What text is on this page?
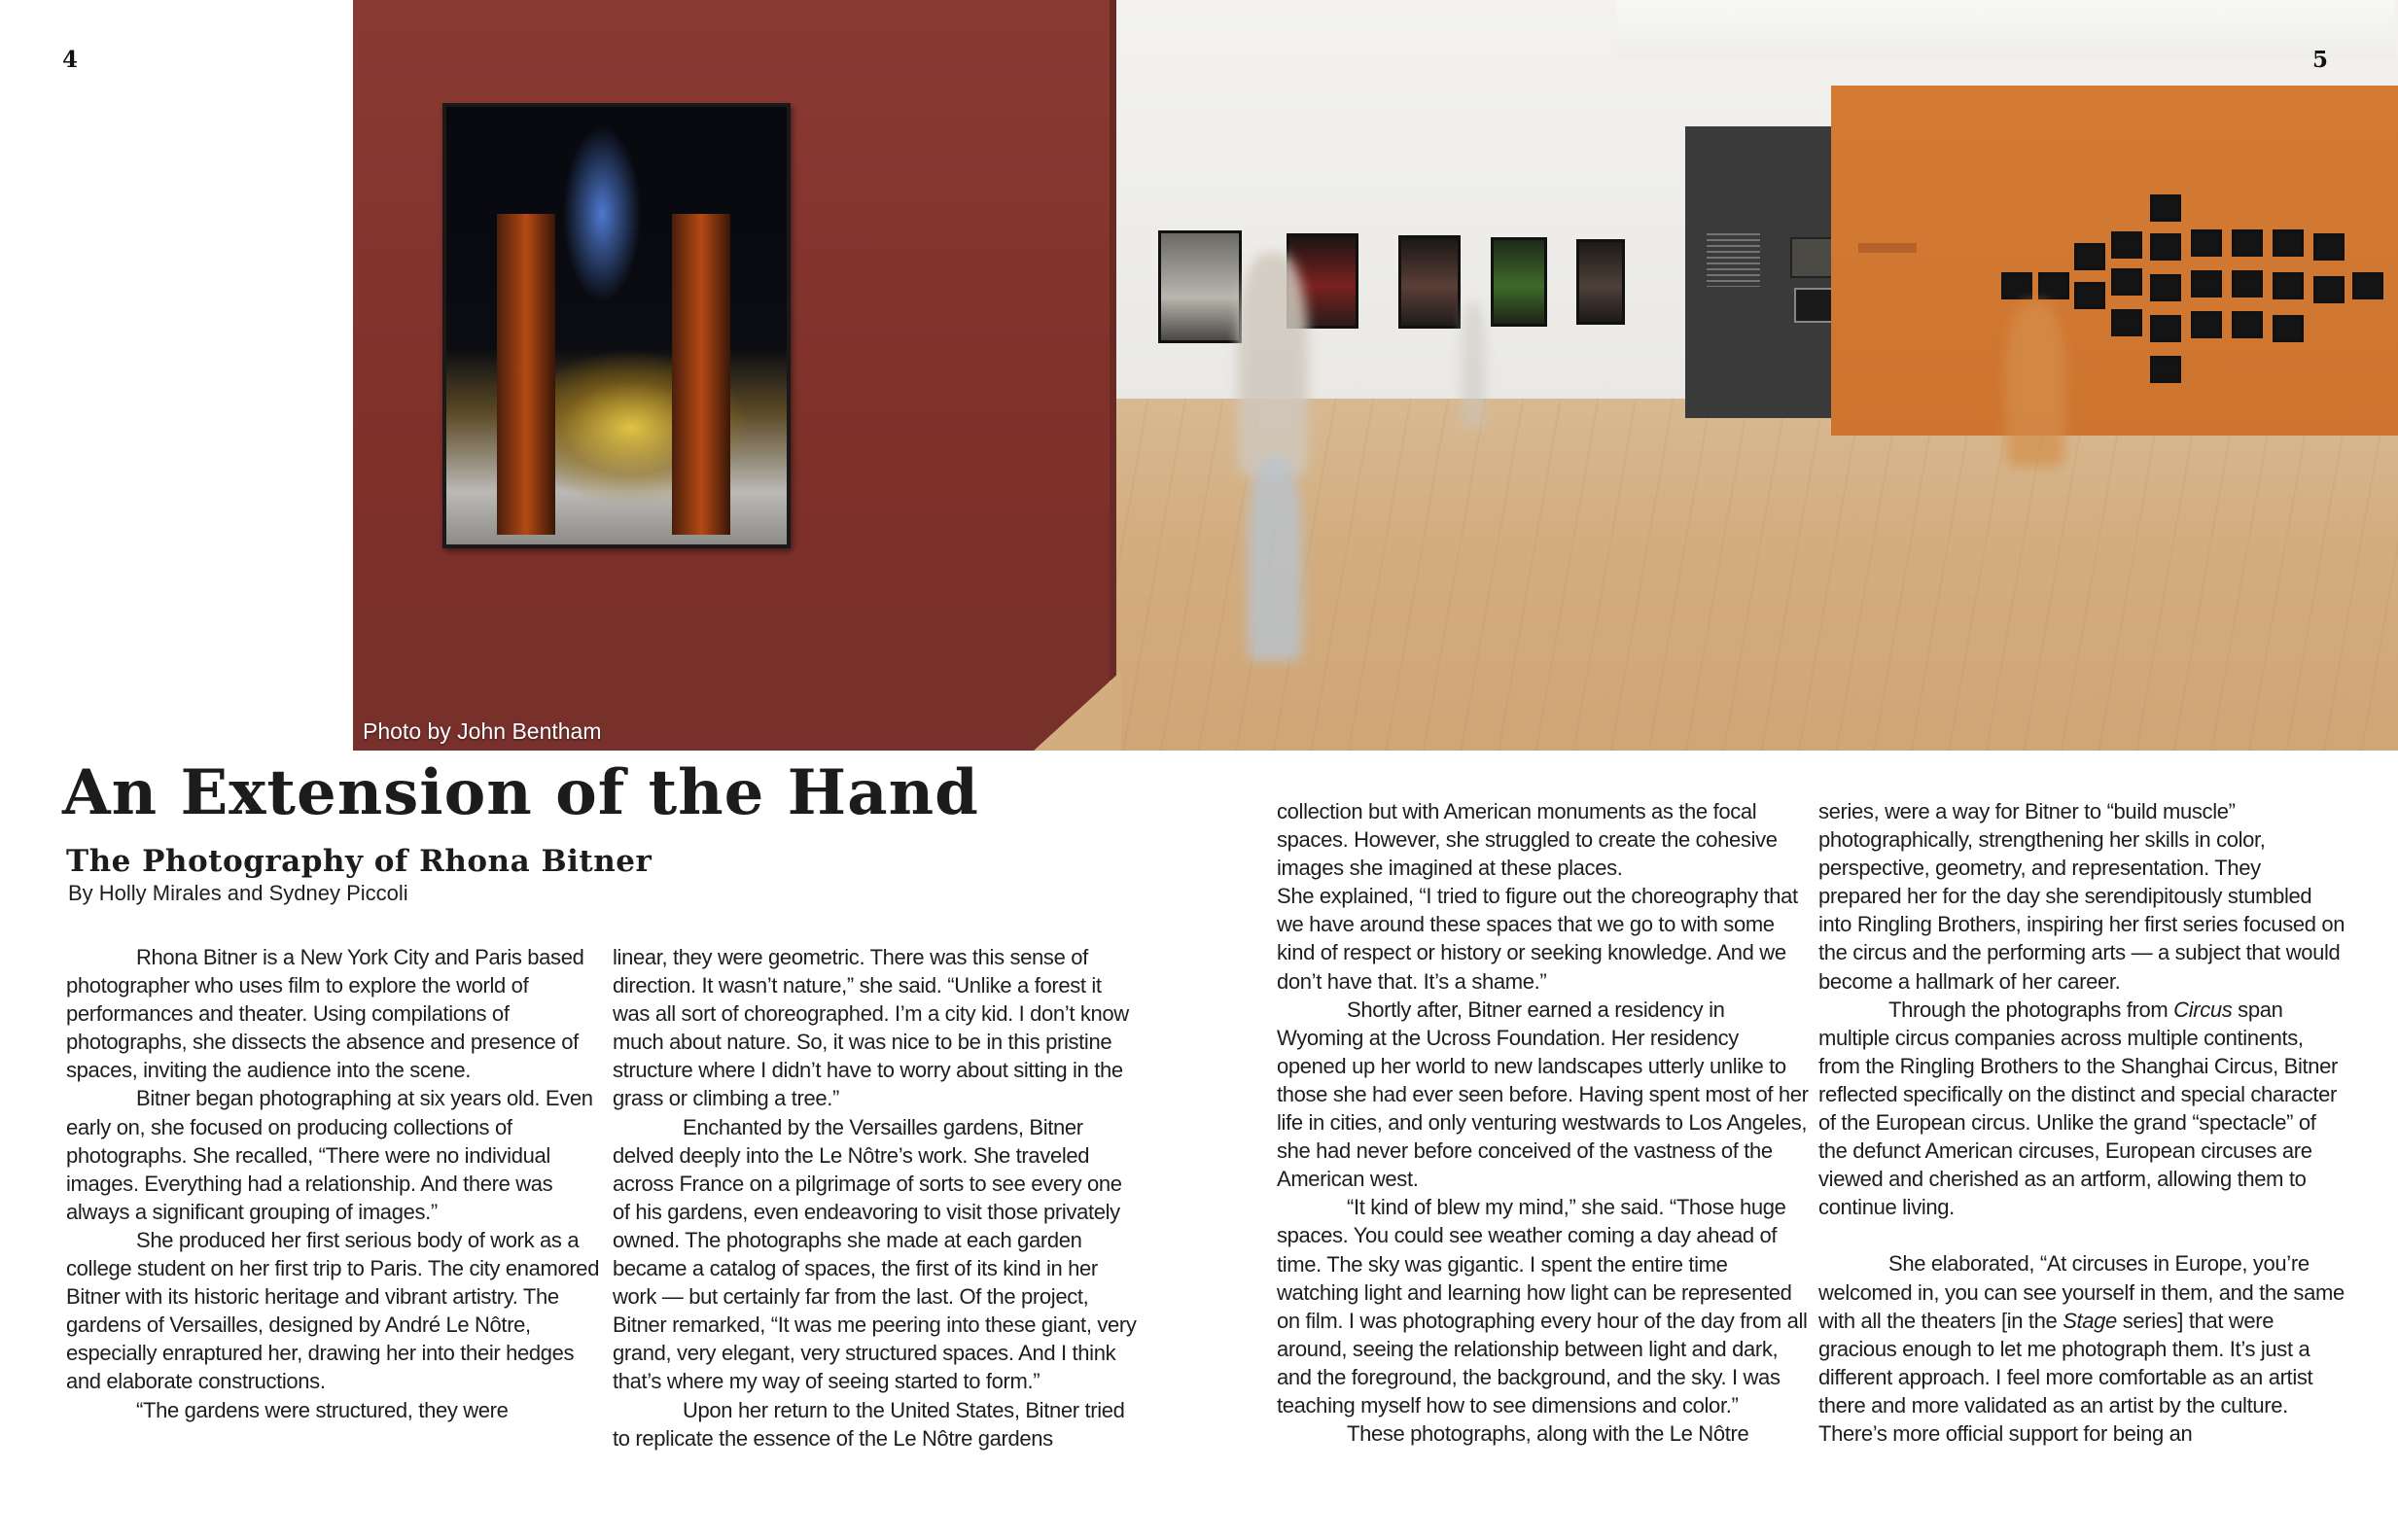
4	5
Photo by John Bentham
An Extension of the Hand
The Photography of Rhona Bitner
By Holly Mirales and Sydney Piccoli

Rhona Bitner is a New York City and Paris based photographer who uses film to explore the world of performances and theater. Using compilations of photographs, she dissects the absence and presence of spaces, inviting the audience into the scene.

Bitner began photographing at six years old. Even early on, she focused on producing collections of photographs. She recalled, “There were no individual images. Everything had a relationship. And there was always a significant grouping of images.”

She produced her first serious body of work as a college student on her first trip to Paris. The city enamored Bitner with its historic heritage and vibrant artistry. The gardens of Versailles, designed by André Le Nôtre, especially enraptured her, drawing her into their hedges and elaborate constructions.

“The gardens were structured, they were

linear, they were geometric. There was this sense of direction. It wasn’t nature,” she said. “Unlike a forest it was all sort of choreographed. I’m a city kid. I don’t know much about nature. So, it was nice to be in this pristine structure where I didn’t have to worry about sitting in the grass or climbing a tree.”

Enchanted by the Versailles gardens, Bitner delved deeply into the Le Nôtre’s work. She traveled across France on a pilgrimage of sorts to see every one of his gardens, even endeavoring to visit those privately owned. The photographs she made at each garden became a catalog of spaces, the first of its kind in her work — but certainly far from the last. Of the project, Bitner remarked, “It was me peering into these giant, very grand, very elegant, very structured spaces. And I think that’s where my way of seeing started to form.”

Upon her return to the United States, Bitner tried to replicate the essence of the Le Nôtre gardens

collection but with American monuments as the focal spaces. However, she struggled to create the cohesive images she imagined at these places.

She explained, “I tried to figure out the choreography that we have around these spaces that we go to with some kind of respect or history or seeking knowledge. And we don’t have that. It’s a shame.”

Shortly after, Bitner earned a residency in Wyoming at the Ucross Foundation. Her residency opened up her world to new landscapes utterly unlike to those she had ever seen before. Having spent most of her life in cities, and only venturing westwards to Los Angeles, she had never before conceived of the vastness of the American west.

“It kind of blew my mind,” she said. “Those huge spaces. You could see weather coming a day ahead of time. The sky was gigantic. I spent the entire time watching light and learning how light can be represented on film. I was photographing every hour of the day from all around, seeing the relationship between light and dark, and the foreground, the background, and the sky. I was teaching myself how to see dimensions and color.”

These photographs, along with the Le Nôtre

series, were a way for Bitner to “build muscle” photographically, strengthening her skills in color, perspective, geometry, and representation. They prepared her for the day she serendipitously stumbled into Ringling Brothers, inspiring her first series focused on the circus and the performing arts — a subject that would become a hallmark of her career.

Through the photographs from Circus span multiple circus companies across multiple continents, from the Ringling Brothers to the Shanghai Circus, Bitner reflected specifically on the distinct and special character of the European circus. Unlike the grand “spectacle” of the defunct American circuses, European circuses are viewed and cherished as an artform, allowing them to continue living.

She elaborated, “At circuses in Europe, you’re welcomed in, you can see yourself in them, and the same with all the theaters [in the Stage series] that were gracious enough to let me photograph them. It’s just a different approach. I feel more comfortable as an artist there and more validated as an artist by the culture. There’s more official support for being an
